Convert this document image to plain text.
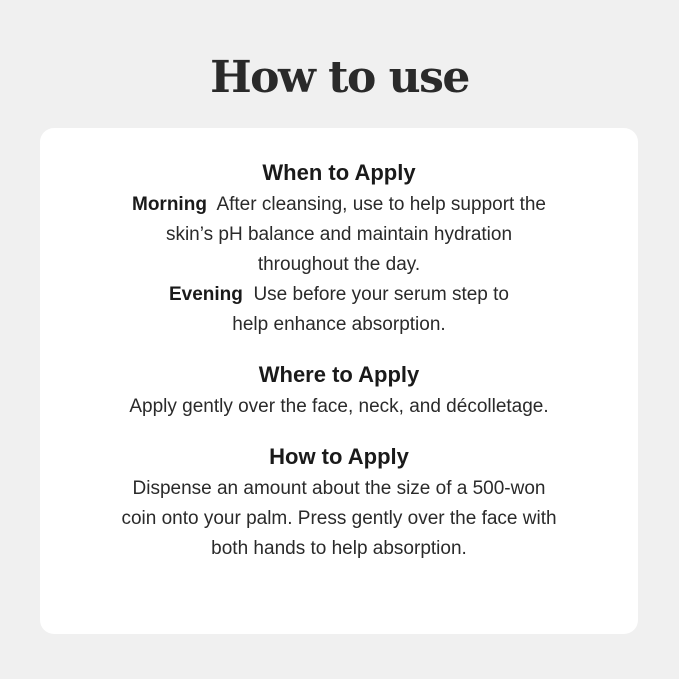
How to use
When to Apply
Morning After cleansing, use to help support the
skin’s pH balance and maintain hydration
throughout the day.
Evening Use before your serum step to
help enhance absorption.
Where to Apply
Apply gently over the face, neck, and décolletage.
How to Apply
Dispense an amount about the size of a 500-won
coin onto your palm. Press gently over the face with
both hands to help absorption.
